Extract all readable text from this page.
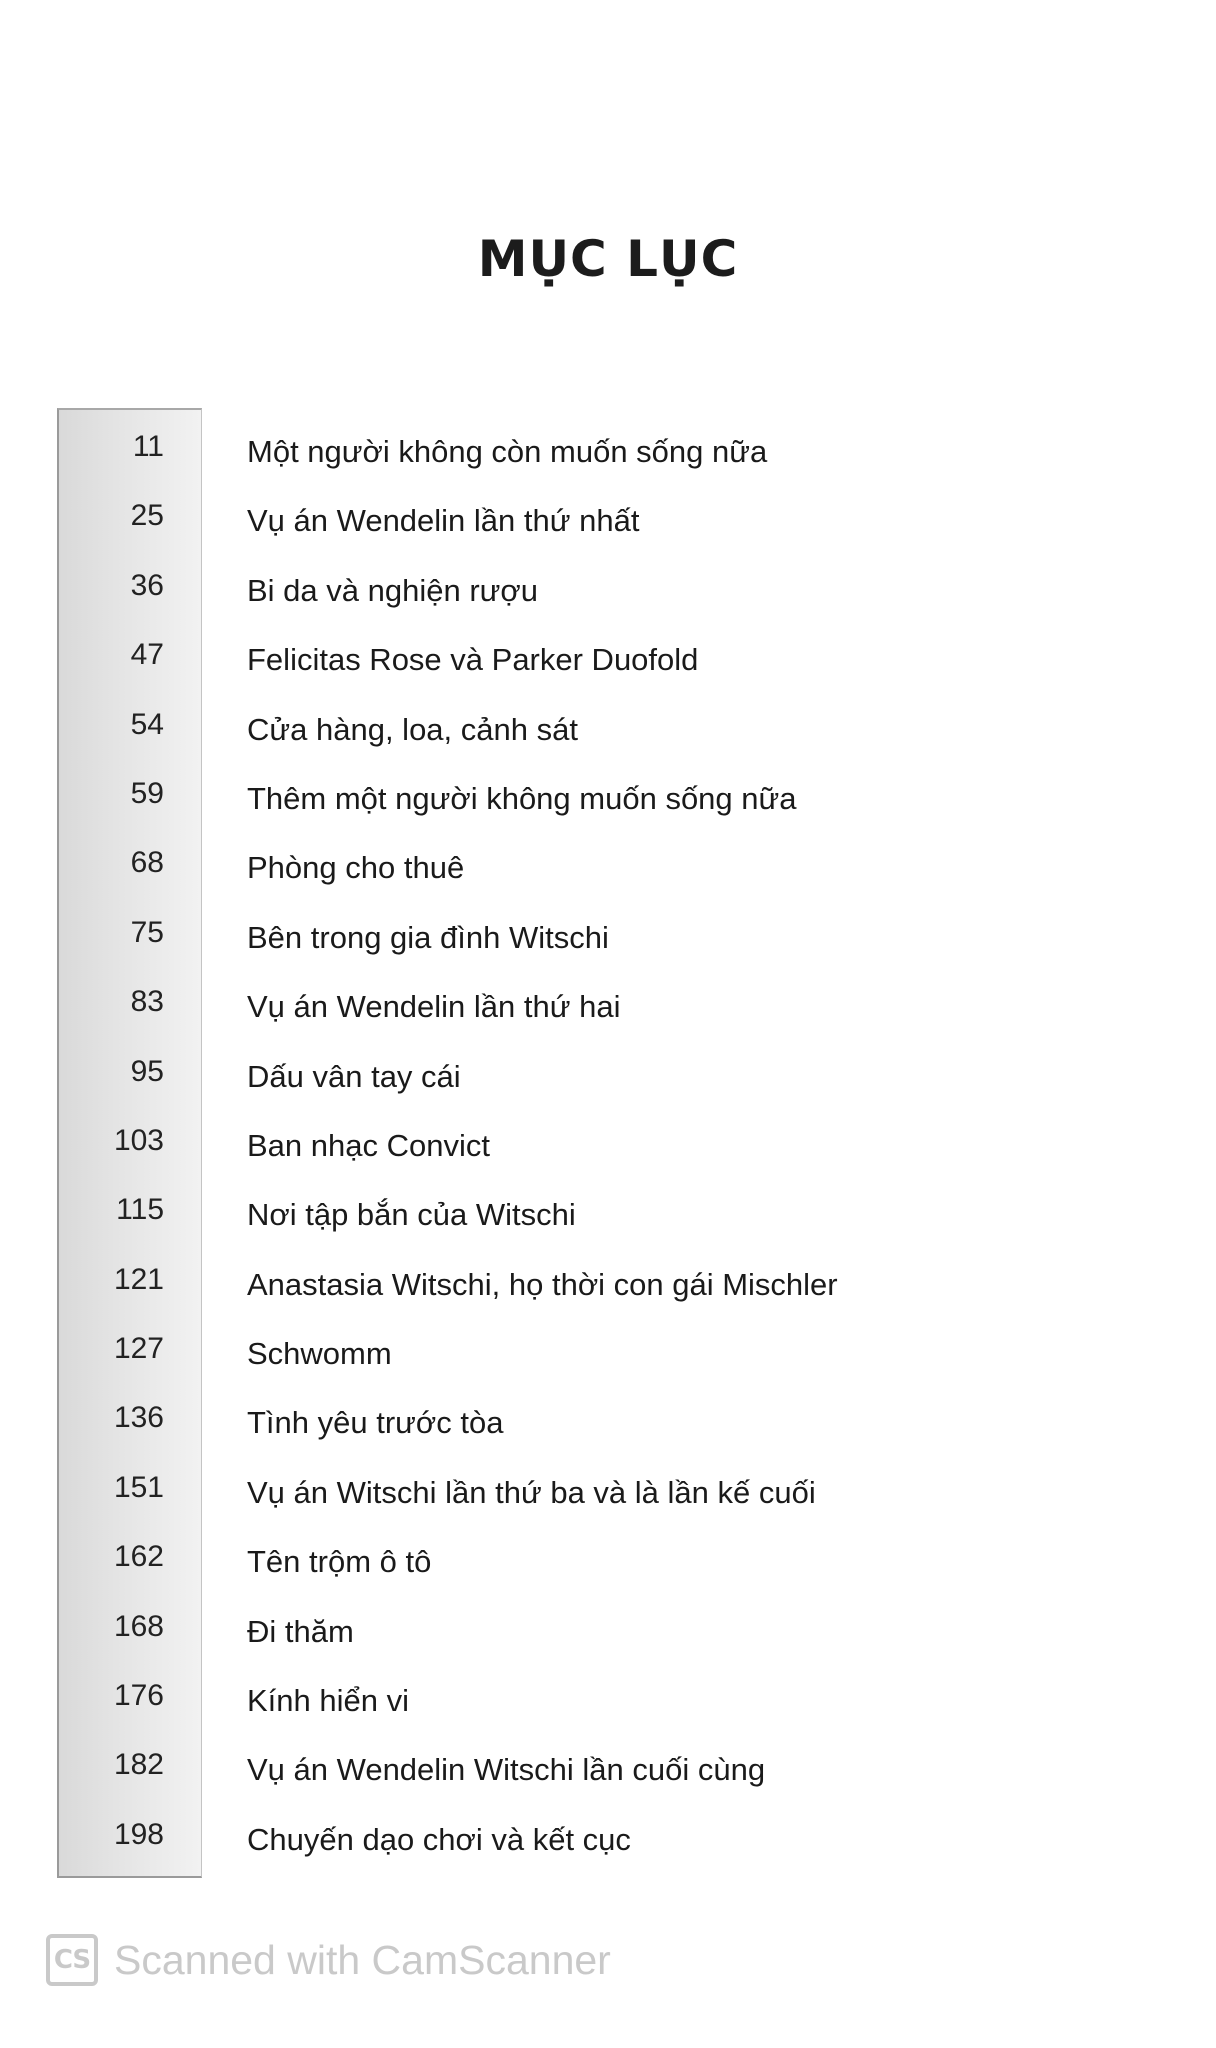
MỤC LỤC
11	Một người không còn muốn sống nữa
25	Vụ án Wendelin lần thứ nhất
36	Bi da và nghiện rượu
47	Felicitas Rose và Parker Duofold
54	Cửa hàng, loa, cảnh sát
59	Thêm một người không muốn sống nữa
68	Phòng cho thuê
75	Bên trong gia đình Witschi
83	Vụ án Wendelin lần thứ hai
95	Dấu vân tay cái
103	Ban nhạc Convict
115	Nơi tập bắn của Witschi
121	Anastasia Witschi, họ thời con gái Mischler
127	Schwomm
136	Tình yêu trước tòa
151	Vụ án Witschi lần thứ ba và là lần kế cuối
162	Tên trộm ô tô
168	Đi thăm
176	Kính hiển vi
182	Vụ án Wendelin Witschi lần cuối cùng
198	Chuyến dạo chơi và kết cục
CS Scanned with CamScanner
